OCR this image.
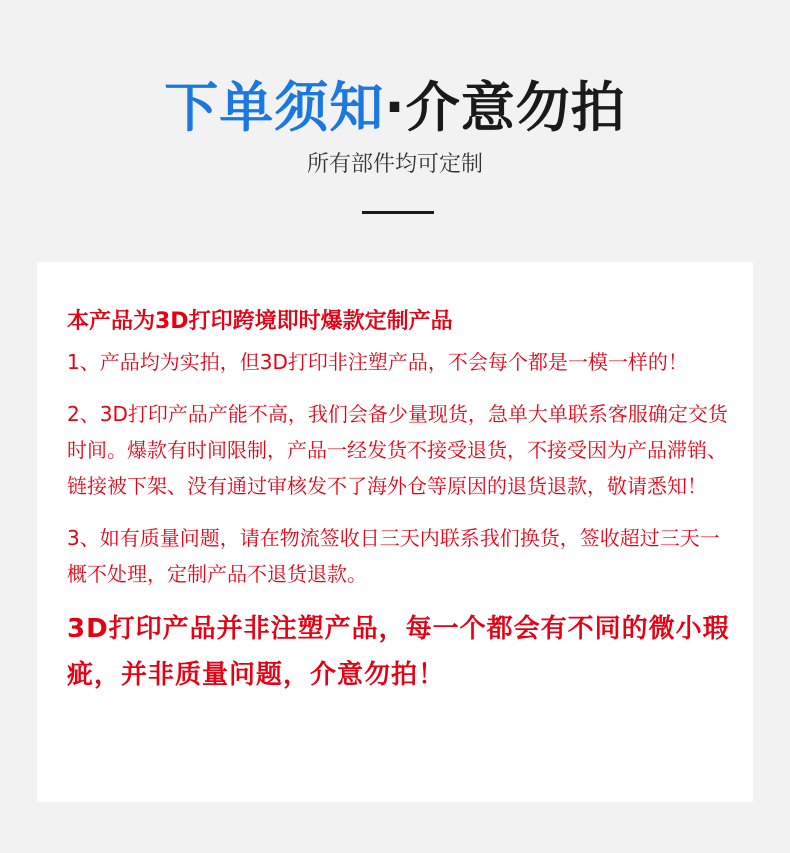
下单须知·介意勿拍
所有部件均可定制
本产品为3D打印跨境即时爆款定制产品
1、产品均为实拍，但3D打印非注塑产品，不会每个都是一模一样的！
2、3D打印产品产能不高，我们会备少量现货，急单大单联系客服确定交货时间。爆款有时间限制，产品一经发货不接受退货，不接受因为产品滞销、链接被下架、没有通过审核发不了海外仓等原因的退货退款，敬请悉知！
3、如有质量问题，请在物流签收日三天内联系我们换货，签收超过三天一概不处理，定制产品不退货退款。
3D打印产品并非注塑产品，每一个都会有不同的微小瑕疵，并非质量问题，介意勿拍！
